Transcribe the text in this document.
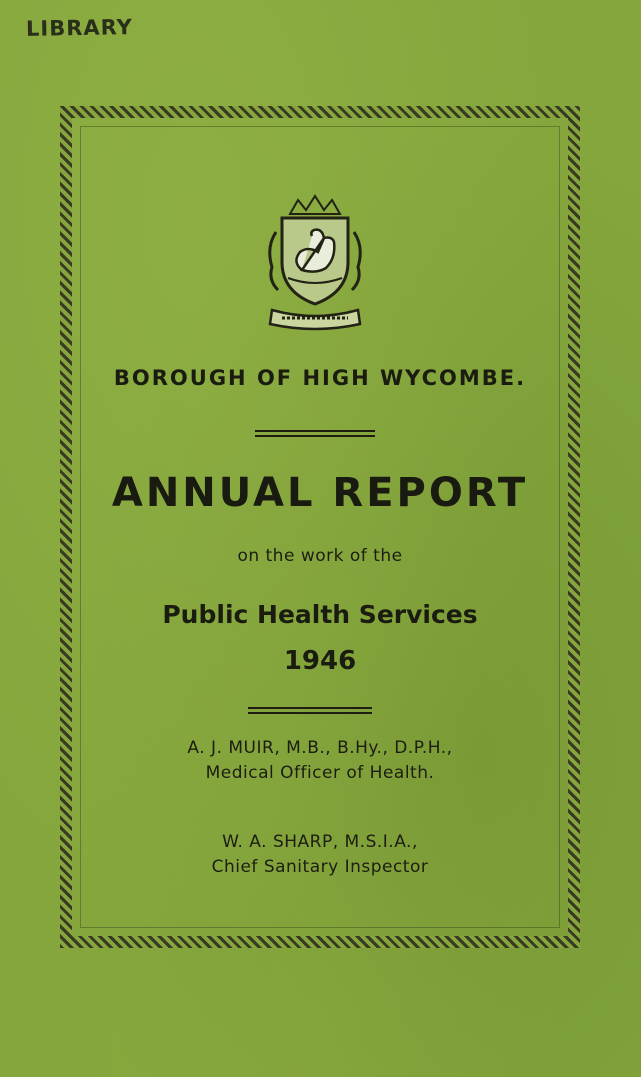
LIBRARY
BOROUGH OF HIGH WYCOMBE.
ANNUAL REPORT
on the work of the
Public Health Services
1946
A. J. MUIR, M.B., B.Hy., D.P.H.,
Medical Officer of Health.
W. A. SHARP, M.S.I.A.,
Chief Sanitary Inspector
